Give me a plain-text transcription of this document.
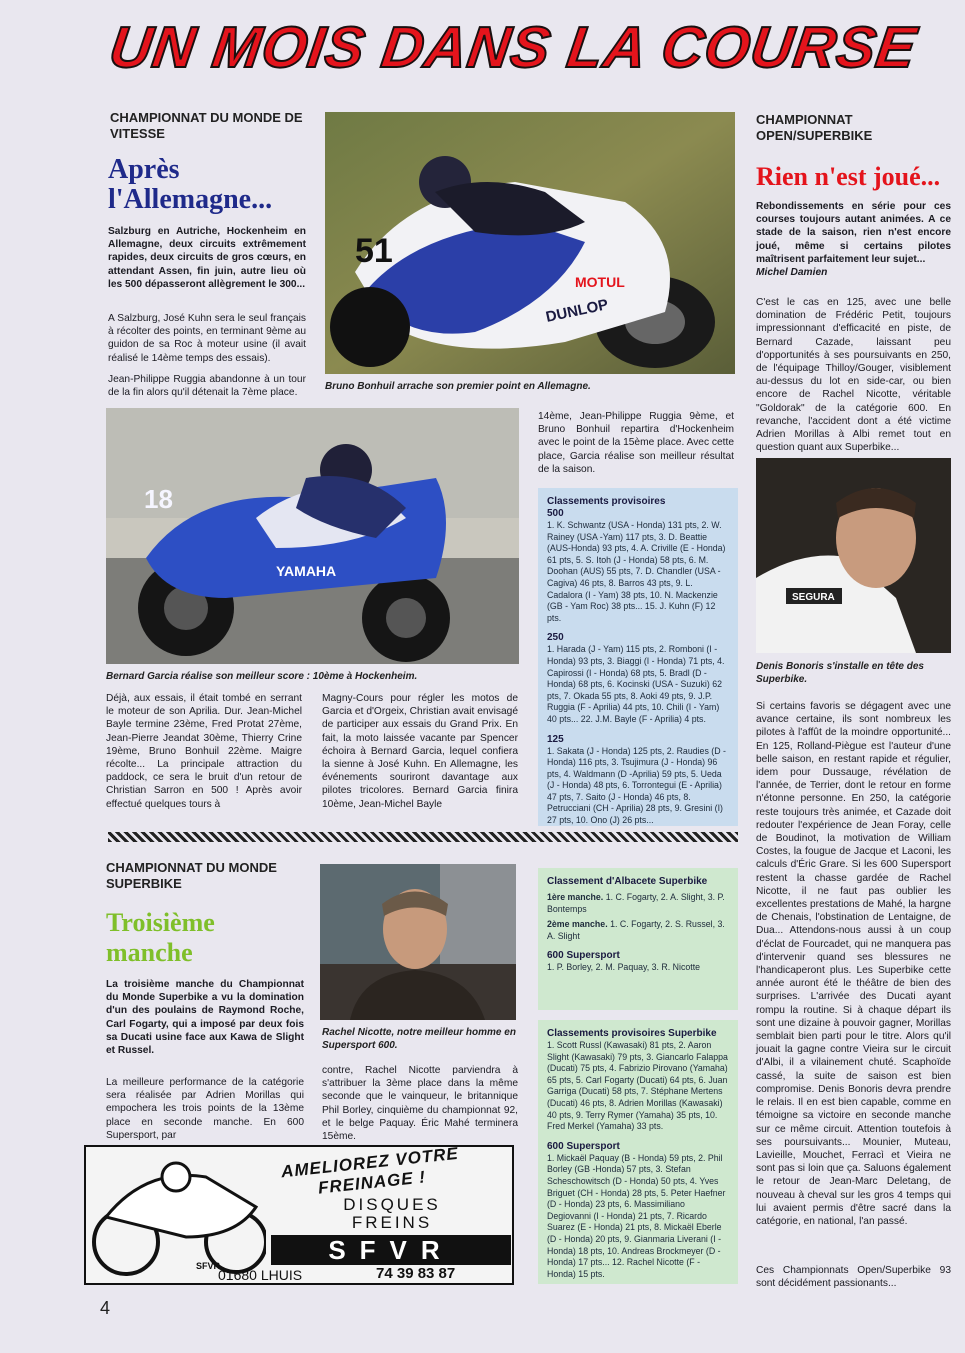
UN MOIS DANS LA COURSE
CHAMPIONNAT DU MONDE DE VITESSE
Après l'Allemagne...
Salzburg en Autriche, Hockenheim en Allemagne, deux circuits extrêmement rapides, deux circuits de gros cœurs, en attendant Assen, fin juin, autre lieu où les 500 dépasseront allègrement le 300...

A Salzburg, José Kuhn sera le seul français à récolter des points, en terminant 9ème au guidon de sa Roc à moteur usine (il avait réalisé le 14ème temps des essais).

Jean-Philippe Ruggia abandonne à un tour de la fin alors qu'il détenait la 7ème place.

MOTUL
DUNLOP
51
Bruno Bonhuil arrache son premier point en Allemagne.
18
YAMAHA
Bernard Garcia réalise son meilleur score : 10ème à Hockenheim.
14ème, Jean-Philippe Ruggia 9ème, et Bruno Bonhuil repartira d'Hockenheim avec le point de la 15ème place. Avec cette place, Garcia réalise son meilleur résultat de la saison.
Déjà, aux essais, il était tombé en serrant le moteur de son Aprilia. Dur. Jean-Michel Bayle termine 23ème, Fred Protat 27ème, Jean-Pierre Jeandat 30ème, Thierry Crine 19ème, Bruno Bonhuil 22ème. Maigre récolte... La principale attraction du paddock, ce sera le bruit d'un retour de Christian Sarron en 500 ! Après avoir effectué quelques tours à
Magny-Cours pour régler les motos de Garcia et d'Orgeix, Christian avait envisagé de participer aux essais du Grand Prix. En fait, la moto laissée vacante par Spencer échoira à Bernard Garcia, lequel confiera la sienne à José Kuhn. En Allemagne, les événements souriront davantage aux pilotes tricolores. Bernard Garcia finira 10ème, Jean-Michel Bayle
Classements provisoires
500
1. K. Schwantz (USA - Honda) 131 pts, 2. W. Rainey (USA -Yam) 117 pts, 3. D. Beattie (AUS-Honda) 93 pts, 4. A. Criville (E - Honda) 61 pts, 5. S. Itoh (J - Honda) 58 pts, 6. M. Doohan (AUS) 55 pts, 7. D. Chandler (USA - Cagiva) 46 pts, 8. Barros 43 pts, 9. L. Cadalora (I - Yam) 38 pts, 10. N. Mackenzie (GB - Yam Roc) 38 pts... 15. J. Kuhn (F) 12 pts.
250
1. Harada (J - Yam) 115 pts, 2. Romboni (I - Honda) 93 pts, 3. Biaggi (I - Honda) 71 pts, 4. Capirossi (I - Honda) 68 pts, 5. Bradl (D - Honda) 68 pts, 6. Kocinski (USA - Suzuki) 62 pts, 7. Okada 55 pts, 8. Aoki 49 pts, 9. J.P. Ruggia (F - Aprilia) 44 pts, 10. Chili (I - Yam) 40 pts... 22. J.M. Bayle (F - Aprilia) 4 pts.
125
1. Sakata (J - Honda) 125 pts, 2. Raudies (D - Honda) 116 pts, 3. Tsujimura (J - Honda) 96 pts, 4. Waldmann (D -Aprilia) 59 pts, 5. Ueda (J - Honda) 48 pts, 6. Torrontegui (E - Aprilia) 47 pts, 7. Saito (J - Honda) 46 pts, 8. Petrucciani (CH - Aprilia) 28 pts, 9. Gresini (I) 27 pts, 10. Ono (J) 26 pts...
CHAMPIONNAT DU MONDE SUPERBIKE
Troisième manche
La troisième manche du Championnat du Monde Superbike a vu la domination d'un des poulains de Raymond Roche, Carl Fogarty, qui a imposé par deux fois sa Ducati usine face aux Kawa de Slight et Russel.
La meilleure performance de la catégorie sera réalisée par Adrien Morillas qui empochera les trois points de la 13ème place en seconde manche. En 600 Supersport, par
contre, Rachel Nicotte parviendra à s'attribuer la 3ème place dans la même seconde que le vainqueur, le britannique Phil Borley, cinquième du championnat 92, et le belge Paquay. Éric Mahé terminera 15ème.
Rachel Nicotte, notre meilleur homme en Supersport 600.
Classement d'Albacete Superbike
1ère manche. 1. C. Fogarty, 2. A. Slight, 3. P. Bontemps
2ème manche. 1. C. Fogarty, 2. S. Russel, 3. A. Slight
600 Supersport
1. P. Borley, 2. M. Paquay, 3. R. Nicotte
Classements provisoires Superbike
1. Scott Russl (Kawasaki) 81 pts, 2. Aaron Slight (Kawasaki) 79 pts, 3. Giancarlo Falappa (Ducati) 75 pts, 4. Fabrizio Pirovano (Yamaha) 65 pts, 5. Carl Fogarty (Ducati) 64 pts, 6. Juan Garriga (Ducati) 58 pts, 7. Stéphane Mertens (Ducati) 46 pts, 8. Adrien Morillas (Kawasaki) 40 pts, 9. Terry Rymer (Yamaha) 35 pts, 10. Fred Merkel (Yamaha) 33 pts.
600 Supersport
1. Mickaël Paquay (B - Honda) 59 pts, 2. Phil Borley (GB -Honda) 57 pts, 3. Stefan Scheschowitsch (D - Honda) 50 pts, 4. Yves Briguet (CH - Honda) 28 pts, 5. Peter Haefner (D - Honda) 23 pts, 6. Massimiliano Degiovanni (I - Honda) 21 pts, 7. Ricardo Suarez (E - Honda) 21 pts, 8. Mickaël Eberle (D - Honda) 20 pts, 9. Gianmaria Liverani (I - Honda) 18 pts, 10. Andreas Brockmeyer (D - Honda) 17 pts... 12. Rachel Nicotte (F - Honda) 15 pts.
SFVR
AMELIOREZ VOTRE FREINAGE !
DISQUES
FREINS
SFVR
01680 LHUIS	74 39 83 87
CHAMPIONNAT OPEN/SUPERBIKE
Rien n'est joué...
Rebondissements en série pour ces courses toujours autant animées. A ce stade de la saison, rien n'est encore joué, même si certains pilotes maîtrisent parfaitement leur sujet...
Michel Damien
C'est le cas en 125, avec une belle domination de Frédéric Petit, toujours impressionnant d'efficacité en piste, de Bernard Cazade, laissant peu d'opportunités à ses poursuivants en 250, de l'équipage Thilloy/Gouger, visiblement au-dessus du lot en side-car, ou bien encore de Rachel Nicotte, véritable "Goldorak" de la catégorie 600. En revanche, l'accident dont a été victime Adrien Morillas à Albi remet tout en question quant aux Superbike...
SEGURA
Denis Bonoris s'installe en tête des Superbike.
Si certains favoris se dégagent avec une avance certaine, ils sont nombreux les pilotes à l'affût de la moindre opportunité... En 125, Rolland-Piègue est l'auteur d'une belle saison, en restant rapide et régulier, idem pour Dussauge, révélation de l'année, de Terrier, dont le retour en forme n'étonne personne. En 250, la catégorie reste toujours très animée, et Cazade doit redouter l'expérience de Jean Foray, celle de Boudinot, la motivation de William Costes, la fougue de Jacque et Laconi, les calculs d'Éric Grare. Si les 600 Supersport restent la chasse gardée de Rachel Nicotte, il ne faut pas oublier les excellentes prestations de Mahé, la hargne de Chenais, l'obstination de Lentaigne, de Dua... Attendons-nous aussi à un coup d'éclat de Fourcadet, qui ne manquera pas d'intervenir quand ses blessures ne l'handicaperont plus. Les Superbike cette année auront été le théâtre de bien des surprises. L'arrivée des Ducati ayant rompu la routine. Si à chaque départ ils sont une dizaine à pouvoir gagner, Morillas semblait bien parti pour le titre. Alors qu'il jouait la gagne contre Vieira sur le circuit d'Albi, il a vilainement chuté. Scaphoïde cassé, la suite de saison est bien compromise. Denis Bonoris devra prendre le relais. Il en est bien capable, comme en témoigne sa victoire en seconde manche sur ce même circuit. Attention toutefois à ses poursuivants... Mounier, Muteau, Lavieille, Mouchet, Ferracì et Vieira ne sont pas si loin que ça. Saluons également le retour de Jean-Marc Deletang, de nouveau à cheval sur les gros 4 temps qui lui avaient permis d'être sacré dans la catégorie, en national, l'an passé.
Ces Championnats Open/Superbike 93 sont décidément passionants...
4
